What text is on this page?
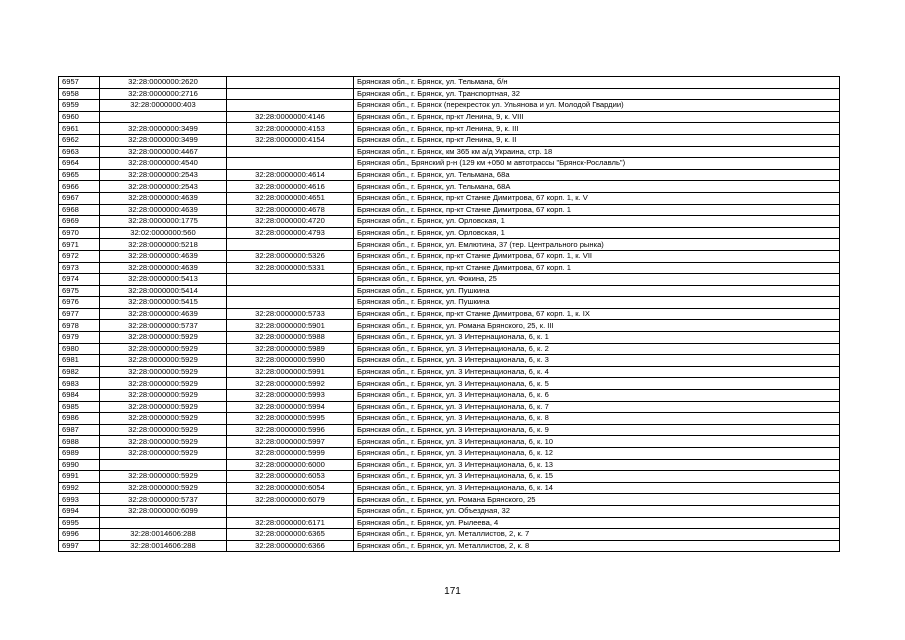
6957	32:28:0000000:2620		Брянская обл., г. Брянск, ул. Тельмана, б/н
6958	32:28:0000000:2716		Брянская обл., г. Брянск, ул. Транспортная, 32
6959	32:28:0000000:403		Брянская обл., г. Брянск (перекресток ул. Ульянова и ул. Молодой Гвардии)
6960		32:28:0000000:4146	Брянская обл., г. Брянск, пр-кт Ленина, 9, к. VIII
6961	32:28:0000000:3499	32:28:0000000:4153	Брянская обл., г. Брянск, пр-кт Ленина, 9, к. III
6962	32:28:0000000:3499	32:28:0000000:4154	Брянская обл., г. Брянск, пр-кт Ленина, 9, к. II
6963	32:28:0000000:4467		Брянская обл., г. Брянск, км 365 км а/д Украина, стр. 18
6964	32:28:0000000:4540		Брянская обл., Брянский р-н (129 км +050 м автотрассы "Брянск-Рославль")
6965	32:28:0000000:2543	32:28:0000000:4614	Брянская обл., г. Брянск, ул. Тельмана, 68а
6966	32:28:0000000:2543	32:28:0000000:4616	Брянская обл., г. Брянск, ул. Тельмана, 68А
6967	32:28:0000000:4639	32:28:0000000:4651	Брянская обл., г. Брянск, пр-кт Станке Димитрова, 67 корп. 1, к. V
6968	32:28:0000000:4639	32:28:0000000:4678	Брянская обл., г. Брянск, пр-кт Станке Димитрова, 67 корп. 1
6969	32:28:0000000:1775	32:28:0000000:4720	Брянская обл., г. Брянск, ул. Орловская, 1
6970	32:02:0000000:560	32:28:0000000:4793	Брянская обл., г. Брянск, ул. Орловская, 1
6971	32:28:0000000:5218		Брянская обл., г. Брянск, ул. Емлютина, 37 (тер. Центрального рынка)
6972	32:28:0000000:4639	32:28:0000000:5326	Брянская обл., г. Брянск, пр-кт Станке Димитрова, 67 корп. 1, к. VII
6973	32:28:0000000:4639	32:28:0000000:5331	Брянская обл., г. Брянск, пр-кт Станке Димитрова, 67 корп. 1
6974	32:28:0000000:5413		Брянская обл., г. Брянск, ул. Фокина, 25
6975	32:28:0000000:5414		Брянская обл., г. Брянск, ул. Пушкина
6976	32:28:0000000:5415		Брянская обл., г. Брянск, ул. Пушкина
6977	32:28:0000000:4639	32:28:0000000:5733	Брянская обл., г. Брянск, пр-кт Станке Димитрова, 67 корп. 1, к. IX
6978	32:28:0000000:5737	32:28:0000000:5901	Брянская обл., г. Брянск, ул. Романа Брянского, 25, к. III
6979	32:28:0000000:5929	32:28:0000000:5988	Брянская обл., г. Брянск, ул. 3 Интернационала, 6, к. 1
6980	32:28:0000000:5929	32:28:0000000:5989	Брянская обл., г. Брянск, ул. 3 Интернационала, 6, к. 2
6981	32:28:0000000:5929	32:28:0000000:5990	Брянская обл., г. Брянск, ул. 3 Интернационала, 6, к. 3
6982	32:28:0000000:5929	32:28:0000000:5991	Брянская обл., г. Брянск, ул. 3 Интернационала, 6, к. 4
6983	32:28:0000000:5929	32:28:0000000:5992	Брянская обл., г. Брянск, ул. 3 Интернационала, 6, к. 5
6984	32:28:0000000:5929	32:28:0000000:5993	Брянская обл., г. Брянск, ул. 3 Интернационала, 6, к. 6
6985	32:28:0000000:5929	32:28:0000000:5994	Брянская обл., г. Брянск, ул. 3 Интернационала, 6, к. 7
6986	32:28:0000000:5929	32:28:0000000:5995	Брянская обл., г. Брянск, ул. 3 Интернационала, 6, к. 8
6987	32:28:0000000:5929	32:28:0000000:5996	Брянская обл., г. Брянск, ул. 3 Интернационала, 6, к. 9
6988	32:28:0000000:5929	32:28:0000000:5997	Брянская обл., г. Брянск, ул. 3 Интернационала, 6, к. 10
6989	32:28:0000000:5929	32:28:0000000:5999	Брянская обл., г. Брянск, ул. 3 Интернационала, 6, к. 12
6990		32:28:0000000:6000	Брянская обл., г. Брянск, ул. 3 Интернационала, 6, к. 13
6991	32:28:0000000:5929	32:28:0000000:6053	Брянская обл., г. Брянск, ул. 3 Интернационала, 6, к. 15
6992	32:28:0000000:5929	32:28:0000000:6054	Брянская обл., г. Брянск, ул. 3 Интернационала, 6, к. 14
6993	32:28:0000000:5737	32:28:0000000:6079	Брянская обл., г. Брянск, ул. Романа Брянского, 25
6994	32:28:0000000:6099		Брянская обл., г. Брянск, ул. Объездная, 32
6995		32:28:0000000:6171	Брянская обл., г. Брянск, ул. Рылеева, 4
6996	32:28:0014606:288	32:28:0000000:6365	Брянская обл., г. Брянск, ул. Металлистов, 2, к. 7
6997	32:28:0014606:288	32:28:0000000:6366	Брянская обл., г. Брянск, ул. Металлистов, 2, к. 8
171
